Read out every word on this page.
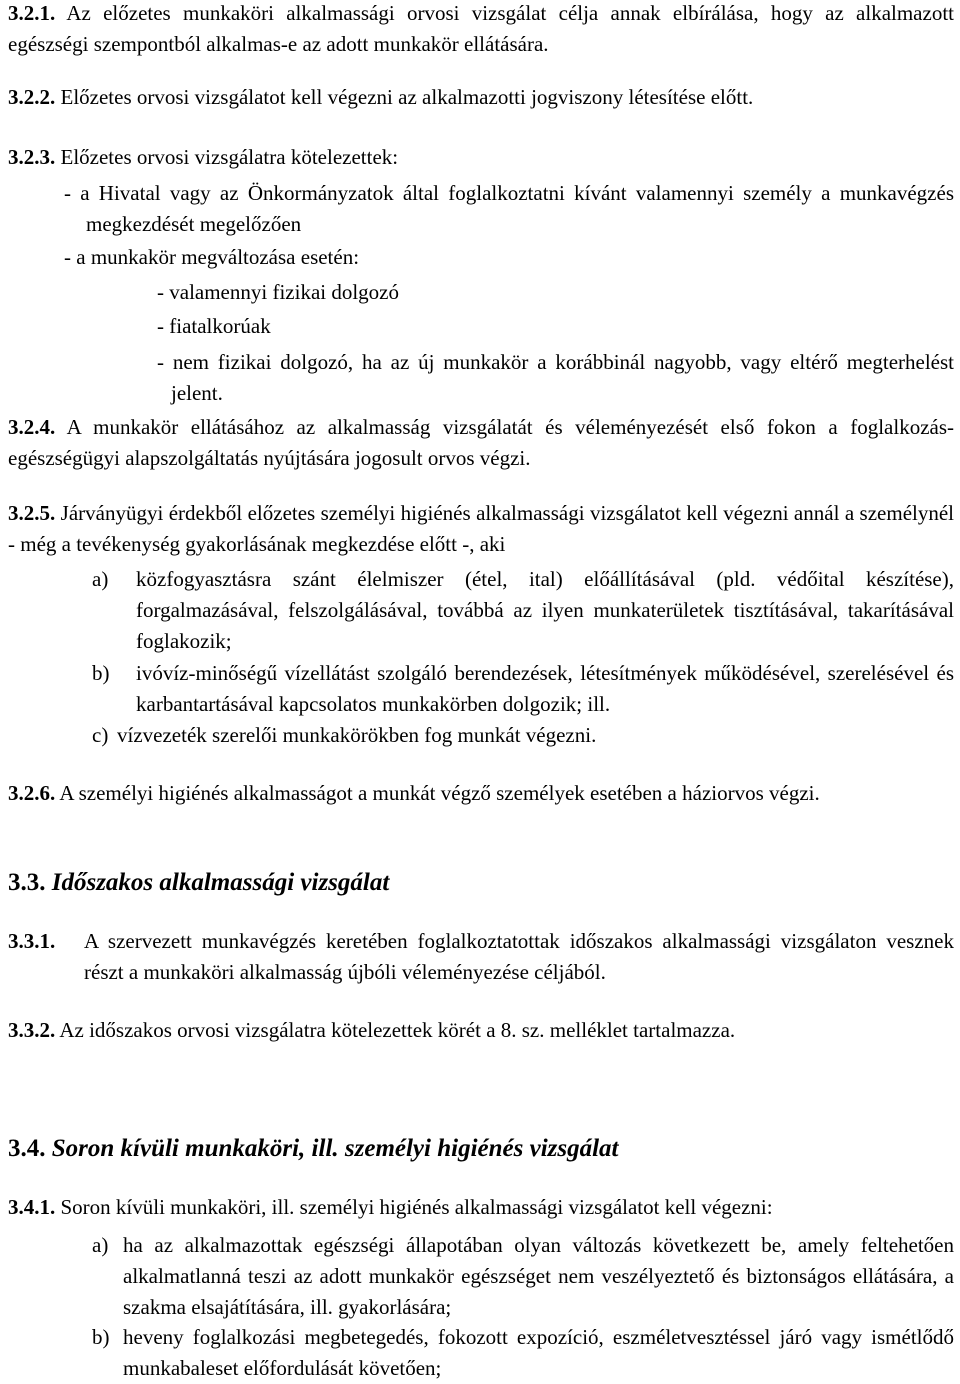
3.2.1. Az előzetes munkaköri alkalmassági orvosi vizsgálat célja annak elbírálása, hogy az alkalmazott egészségi szempontból alkalmas-e az adott munkakör ellátására.
3.2.2. Előzetes orvosi vizsgálatot kell végezni az alkalmazotti jogviszony létesítése előtt.
3.2.3. Előzetes orvosi vizsgálatra kötelezettek:
- a Hivatal vagy az Önkormányzatok által foglalkoztatni kívánt valamennyi személy a munkavégzés megkezdését megelőzően
- a munkakör megváltozása esetén:
- valamennyi fizikai dolgozó
- fiatalkorúak
- nem fizikai dolgozó, ha az új munkakör a korábbinál nagyobb, vagy eltérő megterhelést jelent.
3.2.4. A munkakör ellátásához az alkalmasság vizsgálatát és véleményezését első fokon a foglalkozás-egészségügyi alapszolgáltatás nyújtására jogosult orvos végzi.
3.2.5. Járványügyi érdekből előzetes személyi higiénés alkalmassági vizsgálatot kell végezni annál a személynél - még a tevékenység gyakorlásának megkezdése előtt -, aki
a) közfogyasztásra szánt élelmiszer (étel, ital) előállításával (pld. védőital készítése), forgalmazásával, felszolgálásával, továbbá az ilyen munkaterületek tisztításával, takarításával foglakozik;
b) ivóvíz-minőségű vízellátást szolgáló berendezések, létesítmények működésével, szerelésével és karbantartásával kapcsolatos munkakörben dolgozik; ill.
c) vízvezeték szerelői munkakörökben fog munkát végezni.
3.2.6. A személyi higiénés alkalmasságot a munkát végző személyek esetében a háziorvos végzi.
3.3. Időszakos alkalmassági vizsgálat
3.3.1.	A szervezett munkavégzés keretében foglalkoztatottak időszakos alkalmassági vizsgálaton vesznek részt a munkaköri alkalmasság újbóli véleményezése céljából.
3.3.2. Az időszakos orvosi vizsgálatra kötelezettek körét a 8. sz. melléklet tartalmazza.
3.4. Soron kívüli munkaköri, ill. személyi higiénés vizsgálat
3.4.1. Soron kívüli munkaköri, ill. személyi higiénés alkalmassági vizsgálatot kell végezni:
a) ha az alkalmazottak egészségi állapotában olyan változás következett be, amely feltehetően alkalmatlanná teszi az adott munkakör egészséget nem veszélyeztető és biztonságos ellátására, a szakma elsajátítására, ill. gyakorlására;
b) heveny foglalkozási megbetegedés, fokozott expozíció, eszméletvesztéssel járó vagy ismétlődő munkabaleset előfordulását követően;
